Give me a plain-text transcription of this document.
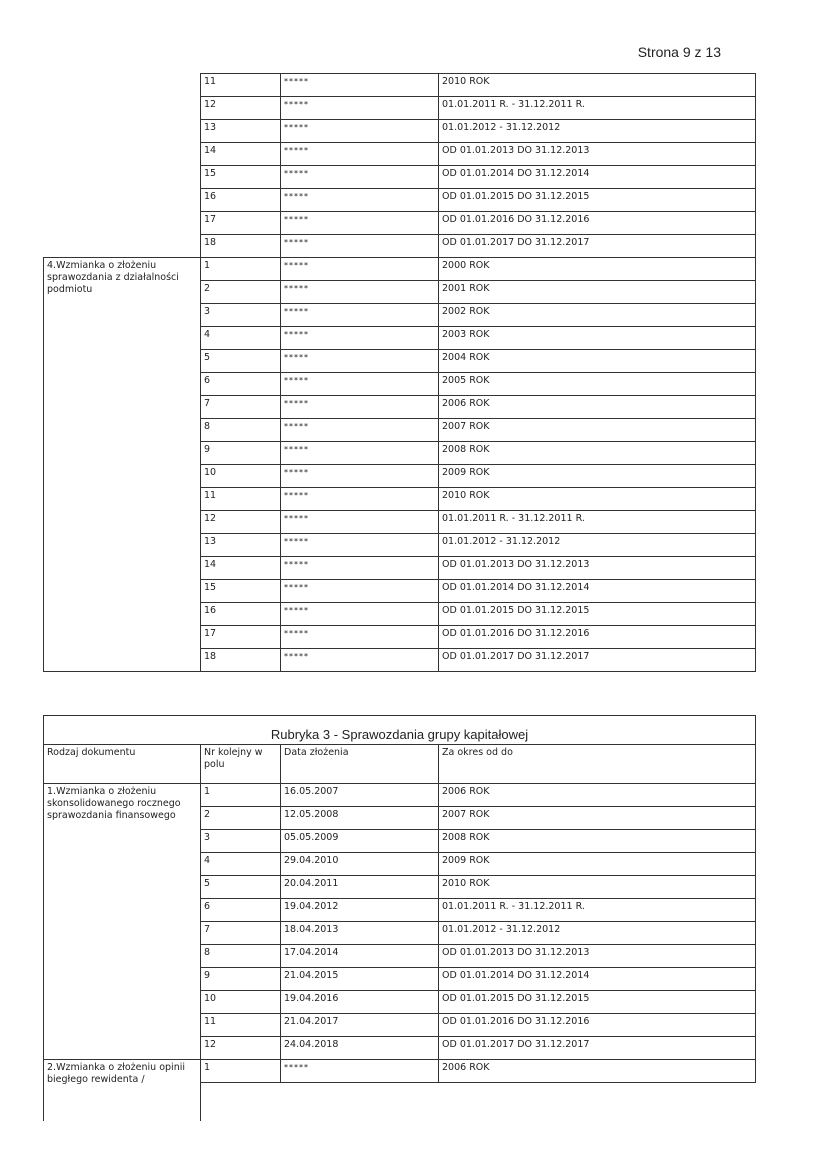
Strona 9 z 13
	11	*****	2010 ROK
	12	*****	01.01.2011 R. - 31.12.2011 R.
	13	*****	01.01.2012 - 31.12.2012
	14	*****	OD 01.01.2013 DO 31.12.2013
	15	*****	OD 01.01.2014 DO 31.12.2014
	16	*****	OD 01.01.2015 DO 31.12.2015
	17	*****	OD 01.01.2016 DO 31.12.2016
	18	*****	OD 01.01.2017 DO 31.12.2017
4.Wzmianka o złożeniu sprawozdania z działalności podmiotu	1	*****	2000 ROK
	2	*****	2001 ROK
	3	*****	2002 ROK
	4	*****	2003 ROK
	5	*****	2004 ROK
	6	*****	2005 ROK
	7	*****	2006 ROK
	8	*****	2007 ROK
	9	*****	2008 ROK
	10	*****	2009 ROK
	11	*****	2010 ROK
	12	*****	01.01.2011 R. - 31.12.2011 R.
	13	*****	01.01.2012 - 31.12.2012
	14	*****	OD 01.01.2013 DO 31.12.2013
	15	*****	OD 01.01.2014 DO 31.12.2014
	16	*****	OD 01.01.2015 DO 31.12.2015
	17	*****	OD 01.01.2016 DO 31.12.2016
	18	*****	OD 01.01.2017 DO 31.12.2017
Rubryka 3 - Sprawozdania grupy kapitałowej			
Rodzaj dokumentu	Nr kolejny w polu	Data złożenia	Za okres od do
1.Wzmianka o złożeniu skonsolidowanego rocznego sprawozdania finansowego	1	16.05.2007	2006 ROK
	2	12.05.2008	2007 ROK
	3	05.05.2009	2008 ROK
	4	29.04.2010	2009 ROK
	5	20.04.2011	2010 ROK
	6	19.04.2012	01.01.2011 R. - 31.12.2011 R.
	7	18.04.2013	01.01.2012 - 31.12.2012
	8	17.04.2014	OD 01.01.2013 DO 31.12.2013
	9	21.04.2015	OD 01.01.2014 DO 31.12.2014
	10	19.04.2016	OD 01.01.2015 DO 31.12.2015
	11	21.04.2017	OD 01.01.2016 DO 31.12.2016
	12	24.04.2018	OD 01.01.2017 DO 31.12.2017
2.Wzmianka o złożeniu opinii biegłego rewidenta /	1	*****	2006 ROK
